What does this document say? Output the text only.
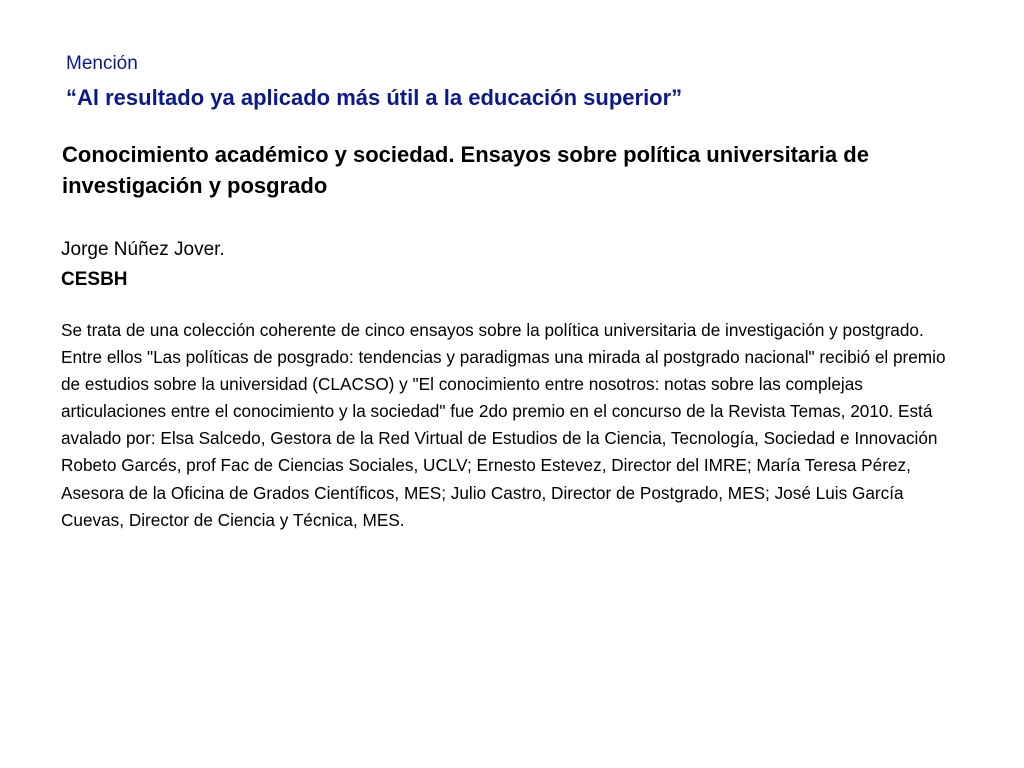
Mención
“Al resultado ya aplicado más útil a la educación superior”
Conocimiento académico y sociedad. Ensayos sobre política universitaria de investigación y posgrado
Jorge Núñez Jover.
CESBH

Se trata de una colección coherente de cinco ensayos sobre la política universitaria de investigación y postgrado. Entre ellos "Las políticas de posgrado: tendencias y paradigmas una mirada al postgrado nacional" recibió el premio de estudios sobre la universidad (CLACSO) y "El conocimiento entre nosotros: notas sobre las complejas articulaciones entre el conocimiento y la sociedad" fue 2do premio en el concurso de la Revista Temas, 2010. Está avalado por: Elsa Salcedo, Gestora de la Red Virtual de Estudios de la Ciencia, Tecnología, Sociedad e Innovación Robeto Garcés, prof Fac de Ciencias Sociales, UCLV; Ernesto Estevez, Director del IMRE; María Teresa Pérez, Asesora de la Oficina de Grados Científicos, MES; Julio Castro, Director de Postgrado, MES; José Luis García Cuevas, Director de Ciencia y Técnica, MES.
